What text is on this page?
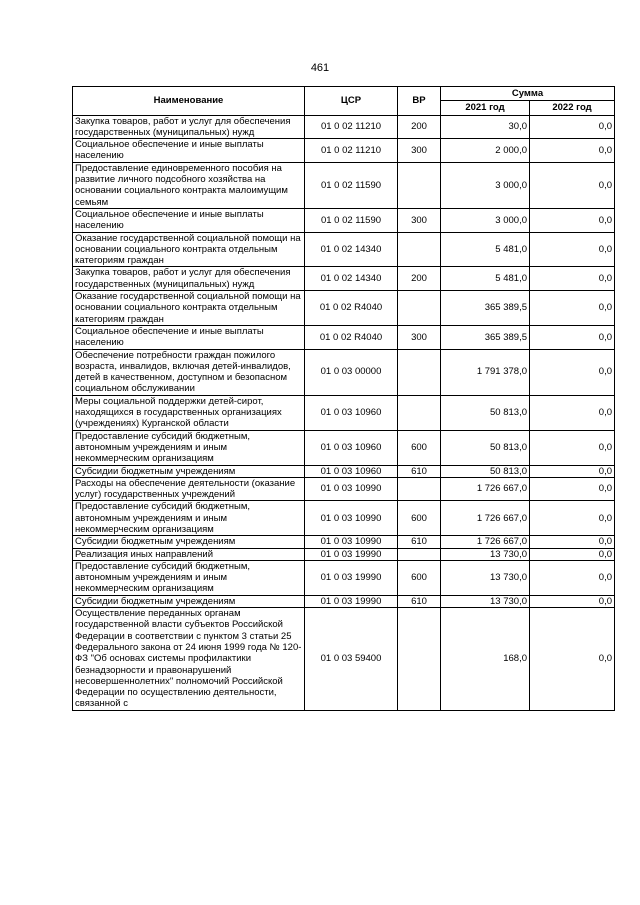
461
Наименование	ЦСР	ВР	Сумма	
			2021 год	2022 год
Закупка товаров, работ и услуг для обеспечения государственных (муниципальных) нужд	01 0 02 11210	200	30,0	0,0
Социальное обеспечение и иные выплаты населению	01 0 02 11210	300	2 000,0	0,0
Предоставление единовременного пособия на развитие личного подсобного хозяйства на основании социального контракта малоимущим семьям	01 0 02 11590		3 000,0	0,0
Социальное обеспечение и иные выплаты населению	01 0 02 11590	300	3 000,0	0,0
Оказание государственной социальной помощи на основании социального контракта отдельным категориям граждан	01 0 02 14340		5 481,0	0,0
Закупка товаров, работ и услуг для обеспечения государственных (муниципальных) нужд	01 0 02 14340	200	5 481,0	0,0
Оказание государственной социальной помощи на основании социального контракта отдельным категориям граждан	01 0 02 R4040		365 389,5	0,0
Социальное обеспечение и иные выплаты населению	01 0 02 R4040	300	365 389,5	0,0
Обеспечение потребности граждан пожилого возраста, инвалидов, включая детей-инвалидов, детей в качественном, доступном и безопасном социальном обслуживании	01 0 03 00000		1 791 378,0	0,0
Меры социальной поддержки детей-сирот, находящихся в государственных организациях (учреждениях) Курганской области	01 0 03 10960		50 813,0	0,0
Предоставление субсидий бюджетным, автономным учреждениям и иным некоммерческим организациям	01 0 03 10960	600	50 813,0	0,0
Субсидии бюджетным учреждениям	01 0 03 10960	610	50 813,0	0,0
Расходы на обеспечение деятельности (оказание услуг) государственных учреждений	01 0 03 10990		1 726 667,0	0,0
Предоставление субсидий бюджетным, автономным учреждениям и иным некоммерческим организациям	01 0 03 10990	600	1 726 667,0	0,0
Субсидии бюджетным учреждениям	01 0 03 10990	610	1 726 667,0	0,0
Реализация иных направлений	01 0 03 19990		13 730,0	0,0
Предоставление субсидий бюджетным, автономным учреждениям и иным некоммерческим организациям	01 0 03 19990	600	13 730,0	0,0
Субсидии бюджетным учреждениям	01 0 03 19990	610	13 730,0	0,0
Осуществление переданных органам государственной власти субъектов Российской Федерации в соответствии с пунктом 3 статьи 25 Федерального закона от 24 июня 1999 года № 120-ФЗ "Об основах системы профилактики безнадзорности и правонарушений несовершеннолетних" полномочий Российской Федерации по осуществлению деятельности, связанной с	01 0 03 59400		168,0	0,0
